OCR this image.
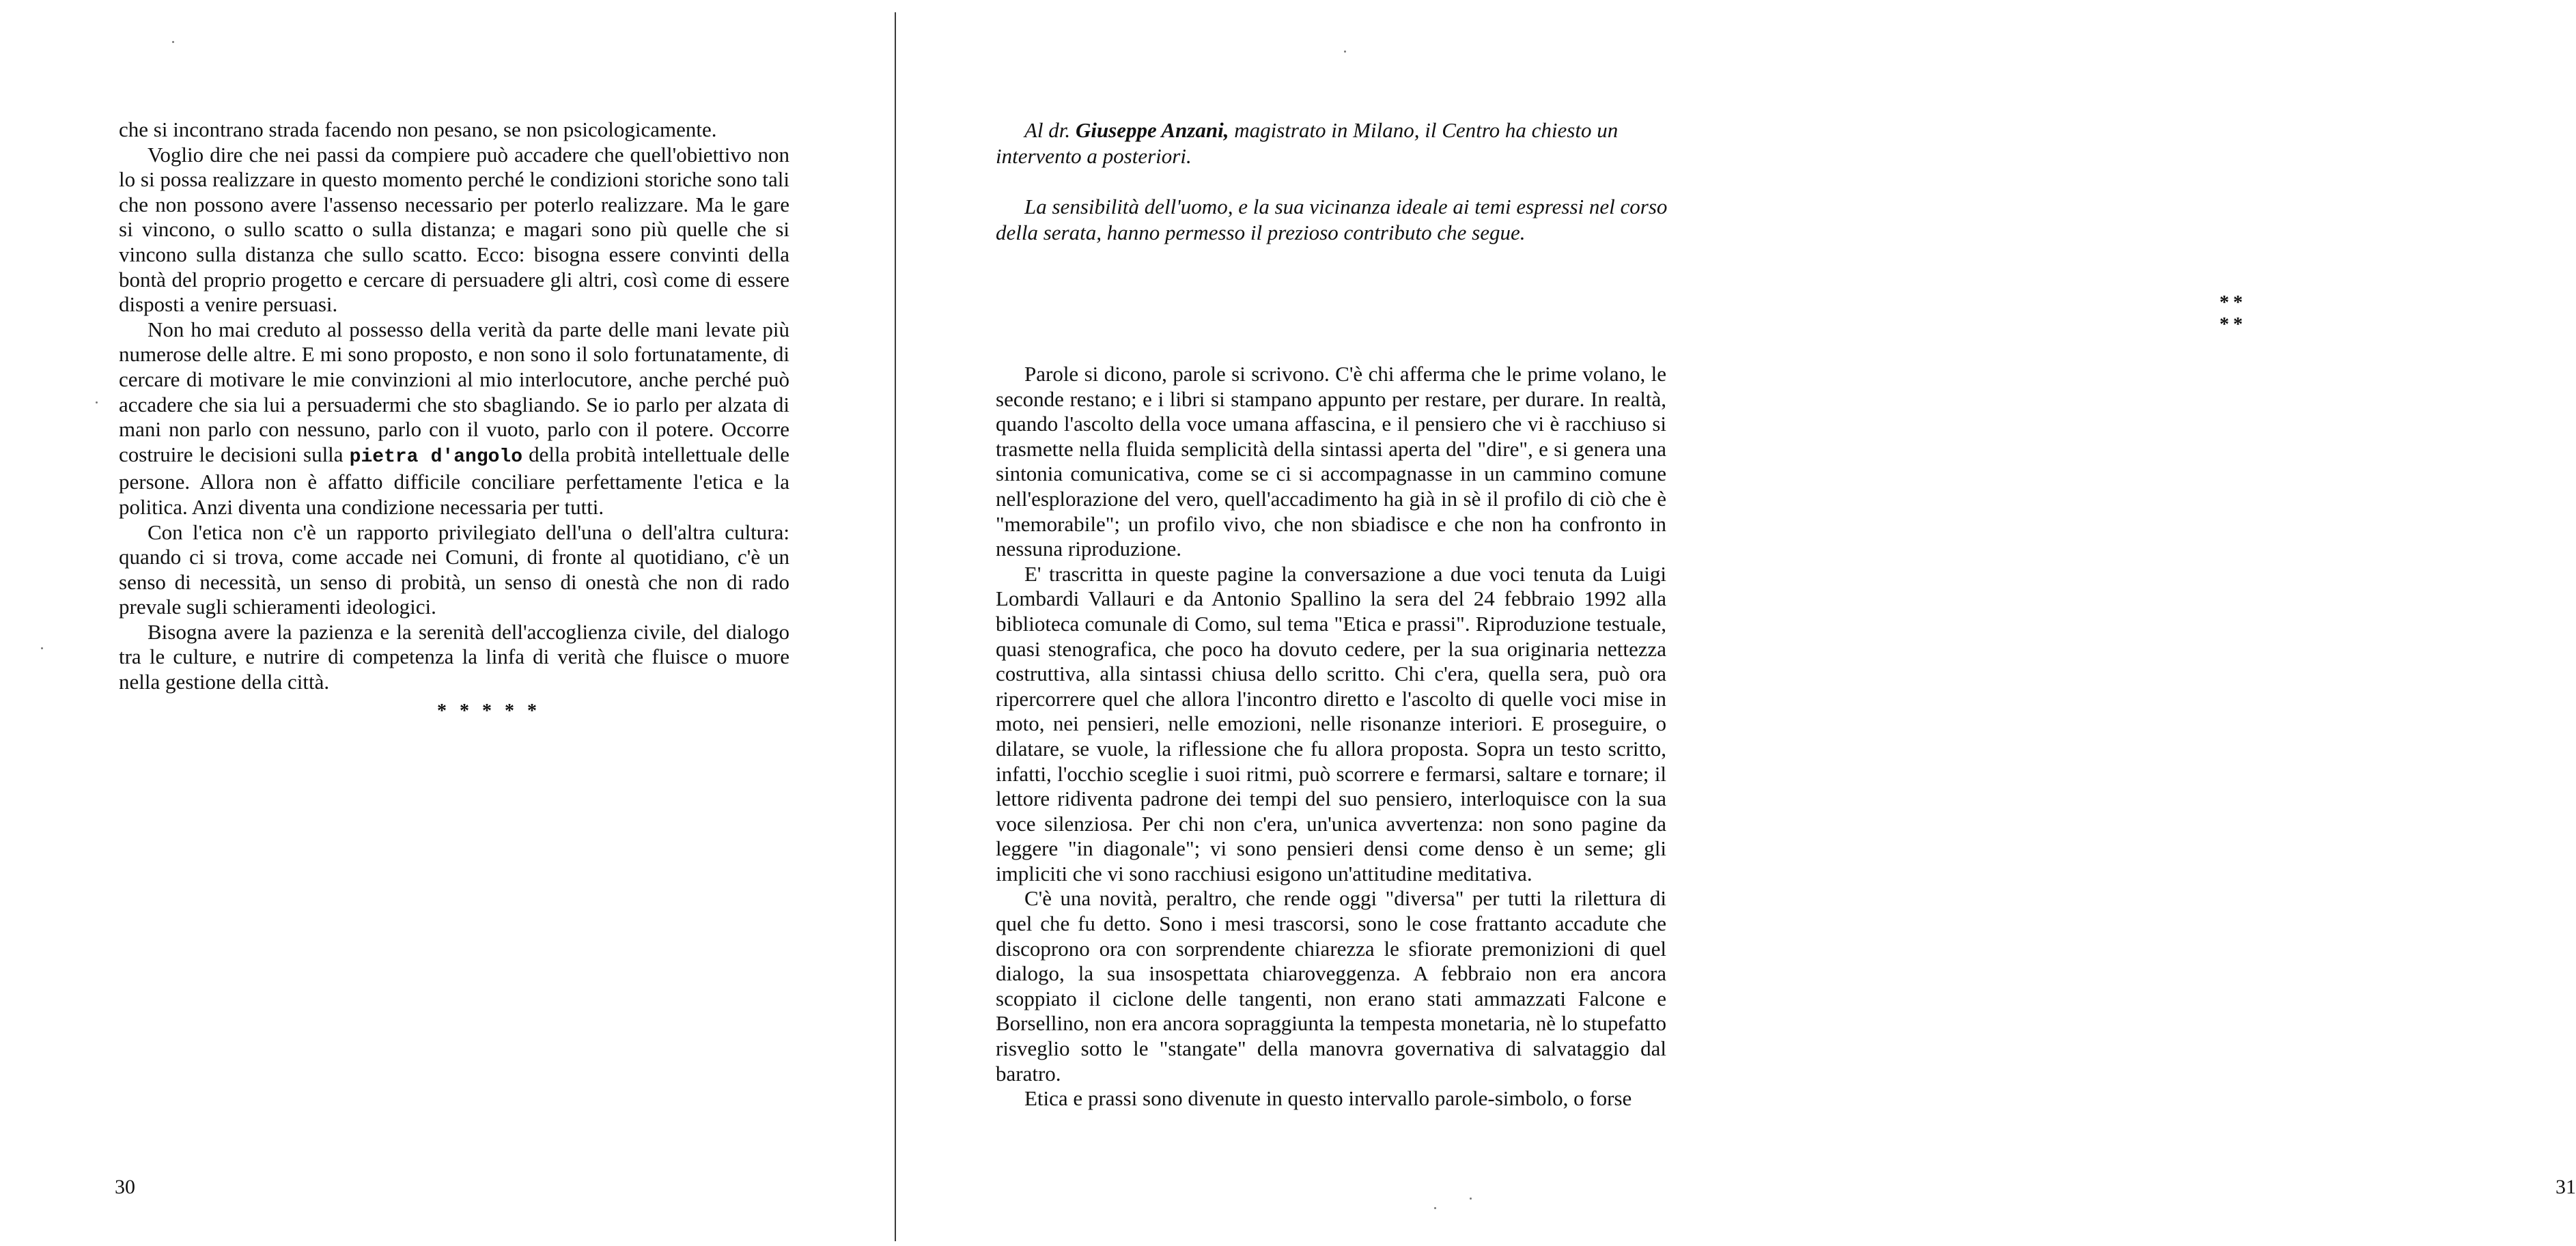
che si incontrano strada facendo non pesano, se non psicologicamente.

Voglio dire che nei passi da compiere può accadere che quell'obiettivo non lo si possa realizzare in questo momento perché le condizioni storiche sono tali che non possono avere l'assenso necessario per poterlo realizzare. Ma le gare si vincono, o sullo scatto o sulla distanza; e magari sono più quelle che si vincono sulla distanza che sullo scatto. Ecco: bisogna essere convinti della bontà del proprio progetto e cercare di persuadere gli altri, così come di essere disposti a venire persuasi.

Non ho mai creduto al possesso della verità da parte delle mani levate più numerose delle altre. E mi sono proposto, e non sono il solo fortunatamente, di cercare di motivare le mie convinzioni al mio interlocutore, anche perché può accadere che sia lui a persuadermi che sto sbagliando. Se io parlo per alzata di mani non parlo con nessuno, parlo con il vuoto, parlo con il potere. Occorre costruire le decisioni sulla pietra d'angolo della probità intellettuale delle persone. Allora non è affatto difficile conciliare perfettamente l'etica e la politica. Anzi diventa una condizione necessaria per tutti.

Con l'etica non c'è un rapporto privilegiato dell'una o dell'altra cultura: quando ci si trova, come accade nei Comuni, di fronte al quotidiano, c'è un senso di necessità, un senso di probità, un senso di onestà che non di rado prevale sugli schieramenti ideologici.

Bisogna avere la pazienza e la serenità dell'accoglienza civile, del dialogo tra le culture, e nutrire di competenza la linfa di verità che fluisce o muore nella gestione della città.

* * * * *
30

Al dr. Giuseppe Anzani, magistrato in Milano, il Centro ha chiesto un intervento a posteriori.

La sensibilità dell'uomo, e la sua vicinanza ideale ai temi espressi nel corso della serata, hanno permesso il prezioso contributo che segue.

** **

Parole si dicono, parole si scrivono. C'è chi afferma che le prime volano, le seconde restano; e i libri si stampano appunto per restare, per durare. In realtà, quando l'ascolto della voce umana affascina, e il pensiero che vi è racchiuso si trasmette nella fluida semplicità della sintassi aperta del "dire", e si genera una sintonia comunicativa, come se ci si accompagnasse in un cammino comune nell'esplorazione del vero, quell'accadimento ha già in sè il profilo di ciò che è "memorabile"; un profilo vivo, che non sbiadisce e che non ha confronto in nessuna riproduzione.

E' trascritta in queste pagine la conversazione a due voci tenuta da Luigi Lombardi Vallauri e da Antonio Spallino la sera del 24 febbraio 1992 alla biblioteca comunale di Como, sul tema "Etica e prassi". Riproduzione testuale, quasi stenografica, che poco ha dovuto cedere, per la sua originaria nettezza costruttiva, alla sintassi chiusa dello scritto. Chi c'era, quella sera, può ora ripercorrere quel che allora l'incontro diretto e l'ascolto di quelle voci mise in moto, nei pensieri, nelle emozioni, nelle risonanze interiori. E proseguire, o dilatare, se vuole, la riflessione che fu allora proposta. Sopra un testo scritto, infatti, l'occhio sceglie i suoi ritmi, può scorrere e fermarsi, saltare e tornare; il lettore ridiventa padrone dei tempi del suo pensiero, interloquisce con la sua voce silenziosa. Per chi non c'era, un'unica avvertenza: non sono pagine da leggere "in diagonale"; vi sono pensieri densi come denso è un seme; gli impliciti che vi sono racchiusi esigono un'attitudine meditativa.

C'è una novità, peraltro, che rende oggi "diversa" per tutti la rilettura di quel che fu detto. Sono i mesi trascorsi, sono le cose frattanto accadute che discoprono ora con sorprendente chiarezza le sfiorate premonizioni di quel dialogo, la sua insospettata chiaroveggenza. A febbraio non era ancora scoppiato il ciclone delle tangenti, non erano stati ammazzati Falcone e Borsellino, non era ancora sopraggiunta la tempesta monetaria, nè lo stupefatto risveglio sotto le "stangate" della manovra governativa di salvataggio dal baratro.

Etica e prassi sono divenute in questo intervallo parole-simbolo, o forse

31
